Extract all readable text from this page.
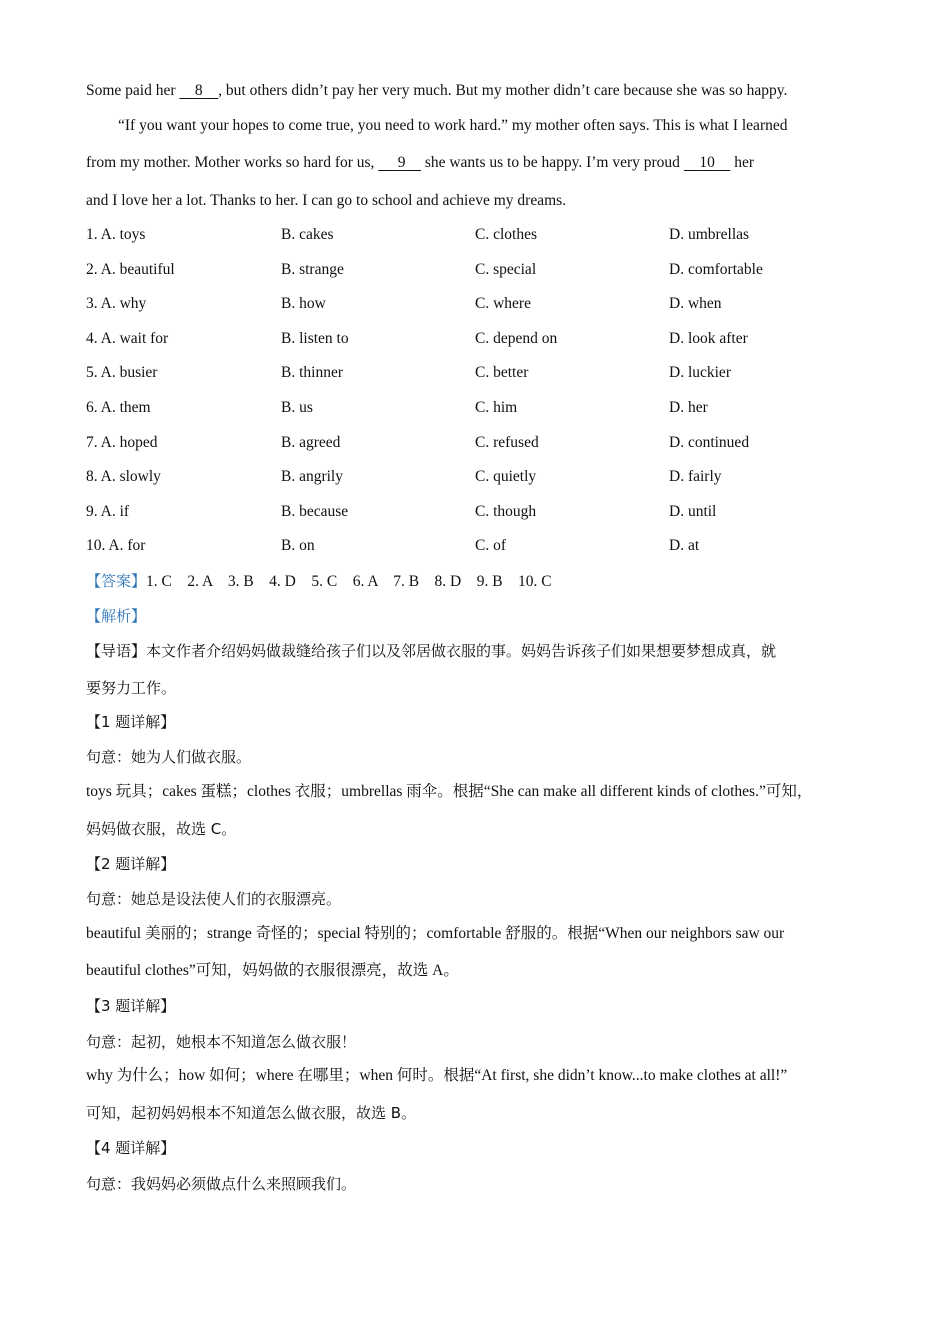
Some paid her     8 , but others didn’t pay her very much. But my mother didn’t care because she was so happy.
“If you want your hopes to come true, you need to work hard.” my mother often says. This is what I learned
from my mother. Mother works so hard for us,      9     she wants us to be happy. I’m very proud     10     her
and I love her a lot. Thanks to her. I can go to school and achieve my dreams.
1. A. toys	B. cakes	C. clothes	D. umbrellas
2. A. beautiful	B. strange	C. special	D. comfortable
3. A. why	B. how	C. where	D. when
4. A. wait for	B. listen to	C. depend on	D. look after
5. A. busier	B. thinner	C. better	D. luckier
6. A. them	B. us	C. him	D. her
7. A. hoped	B. agreed	C. refused	D. continued
8. A. slowly	B. angrily	C. quietly	D. fairly
9. A. if	B. because	C. though	D. until
10. A. for	B. on	C. of	D. at
【答案】1. C    2. A    3. B    4. D    5. C    6. A    7. B    8. D    9. B    10. C
【解析】
【导语】本文作者介绍妈妈做裁缝给孩子们以及邻居做衣服的事。妈妈告诉孩子们如果想要梦想成真，就
要努力工作。
【1 题详解】
句意：她为人们做衣服。
toys 玩具；cakes 蛋糕；clothes 衣服；umbrellas 雨伞。根据“She can make all different kinds of clothes.”可知，
妈妈做衣服，故选 C。
【2 题详解】
句意：她总是设法使人们的衣服漂亮。
beautiful 美丽的；strange 奇怪的；special 特别的；comfortable 舒服的。根据“When our neighbors saw our
beautiful clothes”可知，妈妈做的衣服很漂亮，故选 A。
【3 题详解】
句意：起初，她根本不知道怎么做衣服！
why 为什么；how 如何；where 在哪里；when 何时。根据“At first, she didn’t know...to make clothes at all!”
可知，起初妈妈根本不知道怎么做衣服，故选 B。
【4 题详解】
句意：我妈妈必须做点什么来照顾我们。
